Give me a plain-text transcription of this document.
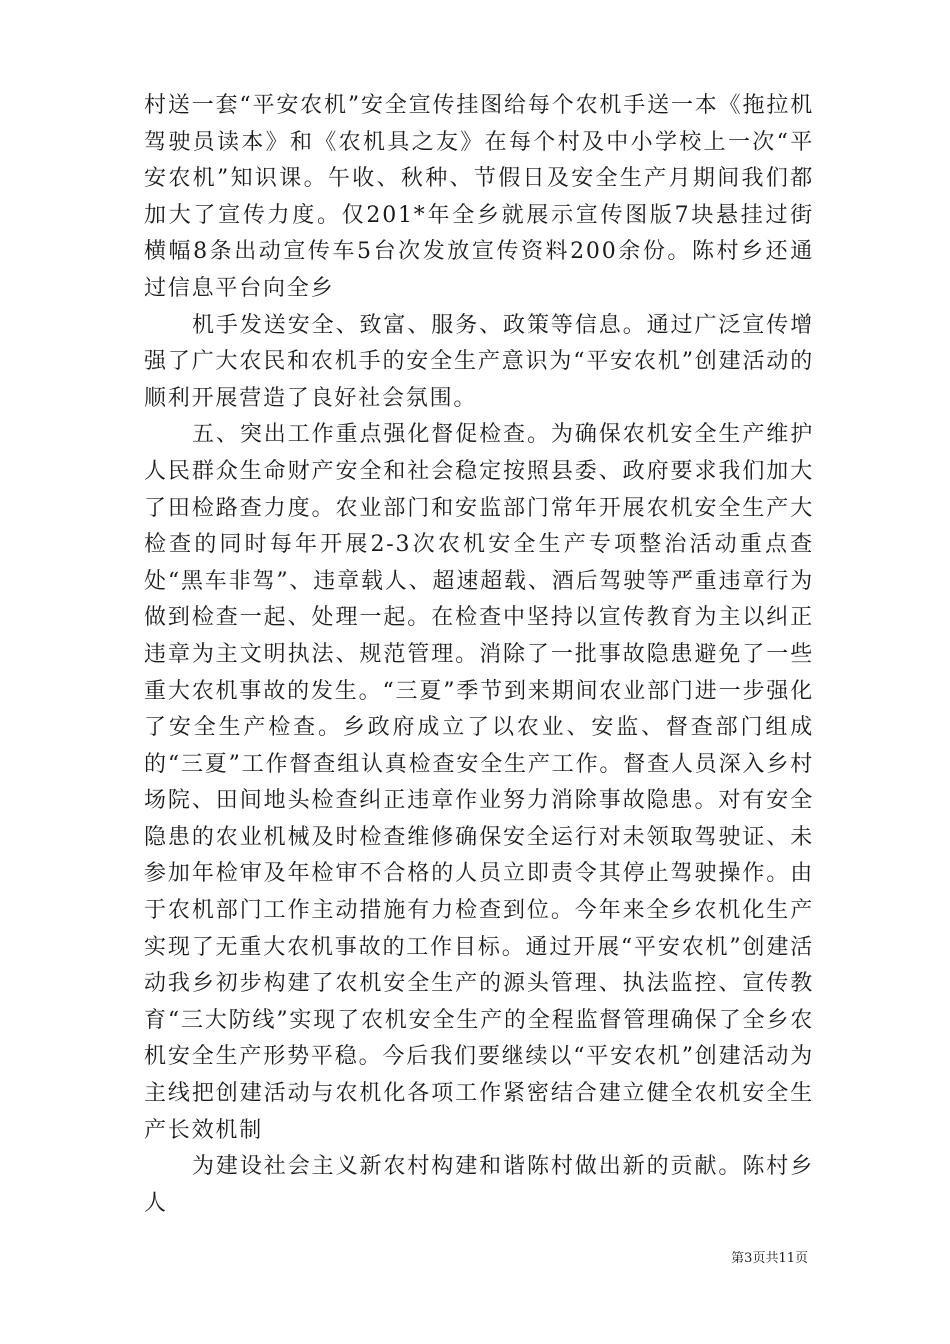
村送一套“平安农机”安全宣传挂图给每个农机手送一本《拖拉机驾驶员读本》和《农机具之友》在每个村及中小学校上一次“平安农机”知识课。午收、秋种、节假日及安全生产月期间我们都加大了宣传力度。仅201*年全乡就展示宣传图版7块悬挂过街横幅8条出动宣传车5台次发放宣传资料200余份。陈村乡还通过信息平台向全乡

机手发送安全、致富、服务、政策等信息。通过广泛宣传增强了广大农民和农机手的安全生产意识为“平安农机”创建活动的顺利开展营造了良好社会氛围。

五、突出工作重点强化督促检查。为确保农机安全生产维护人民群众生命财产安全和社会稳定按照县委、政府要求我们加大了田检路查力度。农业部门和安监部门常年开展农机安全生产大检查的同时每年开展2-3次农机安全生产专项整治活动重点查处“黑车非驾”、违章载人、超速超载、酒后驾驶等严重违章行为做到检查一起、处理一起。在检查中坚持以宣传教育为主以纠正违章为主文明执法、规范管理。消除了一批事故隐患避免了一些重大农机事故的发生。“三夏”季节到来期间农业部门进一步强化了安全生产检查。乡政府成立了以农业、安监、督查部门组成的“三夏”工作督查组认真检查安全生产工作。督查人员深入乡村场院、田间地头检查纠正违章作业努力消除事故隐患。对有安全隐患的农业机械及时检查维修确保安全运行对未领取驾驶证、未参加年检审及年检审不合格的人员立即责令其停止驾驶操作。由于农机部门工作主动措施有力检查到位。今年来全乡农机化生产实现了无重大农机事故的工作目标。通过开展“平安农机”创建活动我乡初步构建了农机安全生产的源头管理、执法监控、宣传教育“三大防线”实现了农机安全生产的全程监督管理确保了全乡农机安全生产形势平稳。今后我们要继续以“平安农机”创建活动为主线把创建活动与农机化各项工作紧密结合建立健全农机安全生产长效机制

为建设社会主义新农村构建和谐陈村做出新的贡献。陈村乡人

第3页共11页
